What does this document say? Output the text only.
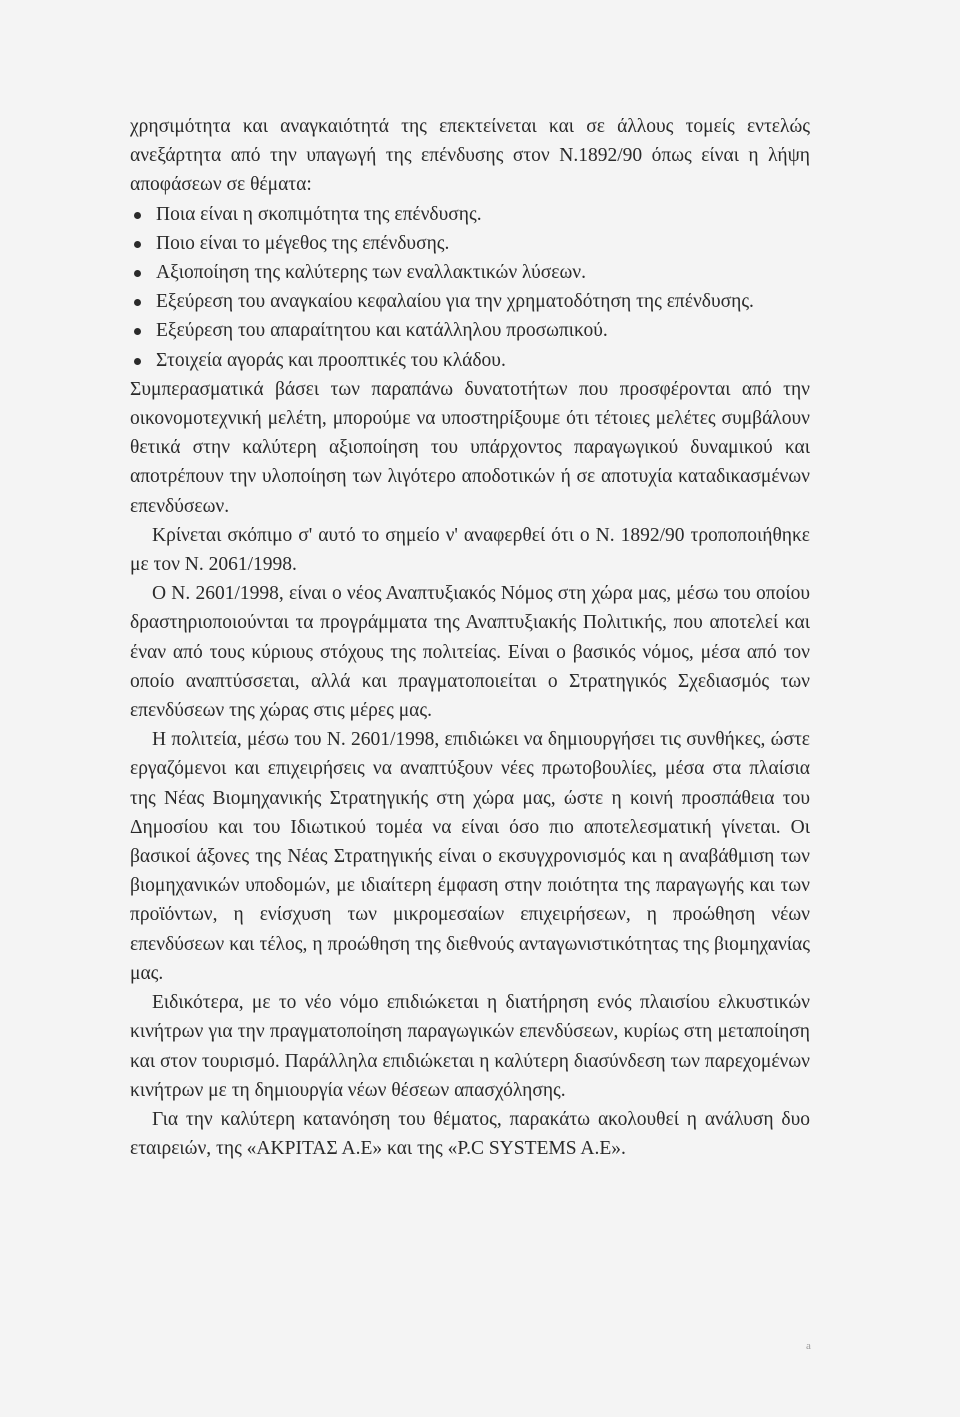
χρησιμότητα και αναγκαιότητά της επεκτείνεται και σε άλλους τομείς εντελώς ανεξάρτητα από την υπαγωγή της επένδυσης στον Ν.1892/90 όπως είναι η λήψη αποφάσεων σε θέματα:

Ποια είναι η σκοπιμότητα της επένδυσης.
Ποιο είναι το μέγεθος της επένδυσης.
Αξιοποίηση της καλύτερης των εναλλακτικών λύσεων.
Εξεύρεση του αναγκαίου κεφαλαίου για την χρηματοδότηση της επένδυσης.
Εξεύρεση του απαραίτητου και κατάλληλου προσωπικού.
Στοιχεία αγοράς και προοπτικές του κλάδου.

Συμπερασματικά βάσει των παραπάνω δυνατοτήτων που προσφέρονται από την οικονομοτεχνική μελέτη, μπορούμε να υποστηρίξουμε ότι τέτοιες μελέτες συμβάλουν θετικά στην καλύτερη αξιοποίηση του υπάρχοντος παραγωγικού δυναμικού και αποτρέπουν την υλοποίηση των λιγότερο αποδοτικών ή σε αποτυχία καταδικασμένων επενδύσεων.

Κρίνεται σκόπιμο σ' αυτό το σημείο ν' αναφερθεί ότι ο Ν. 1892/90 τροποποιήθηκε με τον Ν. 2061/1998.

Ο Ν. 2601/1998, είναι ο νέος Αναπτυξιακός Νόμος στη χώρα μας, μέσω του οποίου δραστηριοποιούνται τα προγράμματα της Αναπτυξιακής Πολιτικής, που αποτελεί και έναν από τους κύριους στόχους της πολιτείας. Είναι ο βασικός νόμος, μέσα από τον οποίο αναπτύσσεται, αλλά και πραγματοποιείται ο Στρατηγικός Σχεδιασμός των επενδύσεων της χώρας στις μέρες μας.

Η πολιτεία, μέσω του Ν. 2601/1998, επιδιώκει να δημιουργήσει τις συνθήκες, ώστε εργαζόμενοι και επιχειρήσεις να αναπτύξουν νέες πρωτοβουλίες, μέσα στα πλαίσια της Νέας Βιομηχανικής Στρατηγικής στη χώρα μας, ώστε η κοινή προσπάθεια του Δημοσίου και του Ιδιωτικού τομέα να είναι όσο πιο αποτελεσματική γίνεται. Οι βασικοί άξονες της Νέας Στρατηγικής είναι ο εκσυγχρονισμός και η αναβάθμιση των βιομηχανικών υποδομών, με ιδιαίτερη έμφαση στην ποιότητα της παραγωγής και των προϊόντων, η ενίσχυση των μικρομεσαίων επιχειρήσεων, η προώθηση νέων επενδύσεων και τέλος, η προώθηση της διεθνούς ανταγωνιστικότητας της βιομηχανίας μας.

Ειδικότερα, με το νέο νόμο επιδιώκεται η διατήρηση ενός πλαισίου ελκυστικών κινήτρων για την πραγματοποίηση παραγωγικών επενδύσεων, κυρίως στη μεταποίηση και στον τουρισμό. Παράλληλα επιδιώκεται η καλύτερη διασύνδεση των παρεχομένων κινήτρων με τη δημιουργία νέων θέσεων απασχόλησης.

Για την καλύτερη κατανόηση του θέματος, παρακάτω ακολουθεί η ανάλυση δυο εταιρειών, της «ΑΚΡΙΤΑΣ Α.Ε» και της «P.C SYSTEMS A.E».

a
